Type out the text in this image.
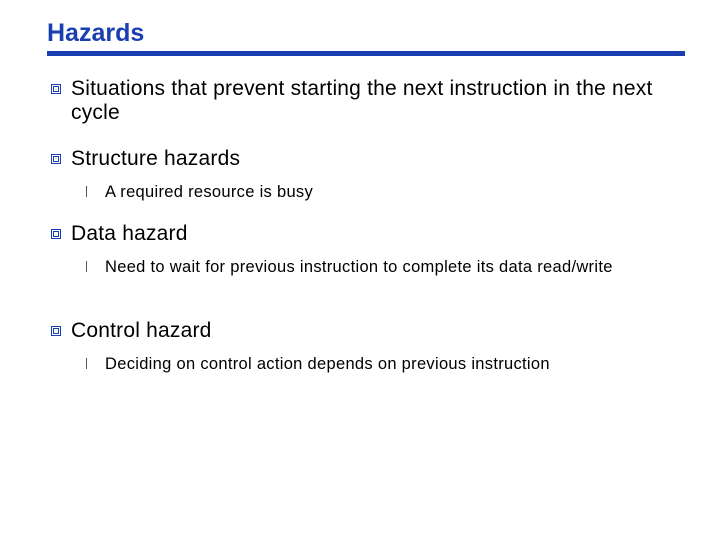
Hazards
Situations that prevent starting the next instruction in the next cycle
Structure hazards
A required resource is busy
Data hazard
Need to wait for previous instruction to complete its data read/write
Control hazard
Deciding on control action depends on previous instruction
